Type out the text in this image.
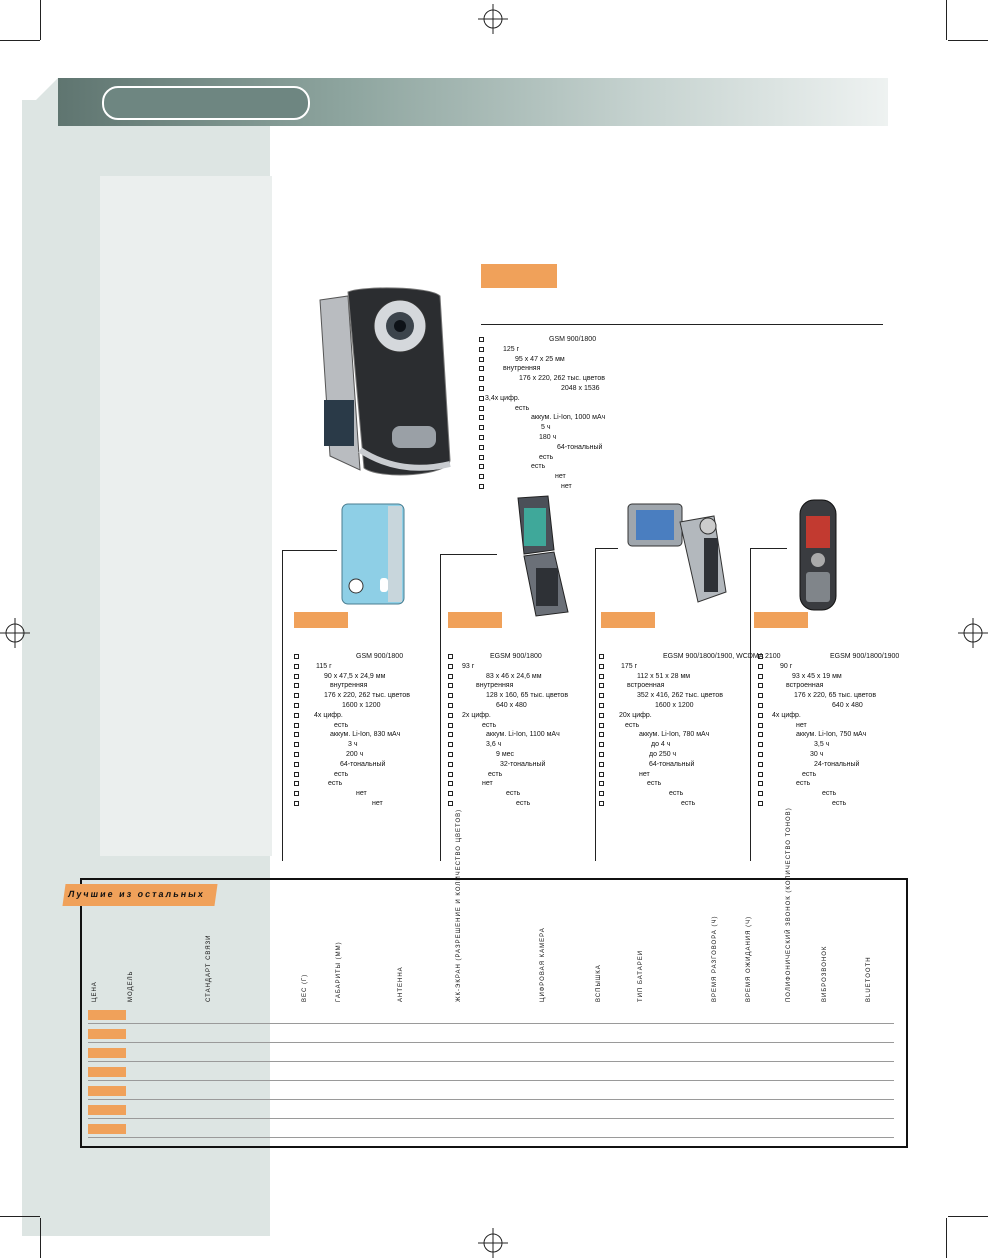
GSM 900/1800
125 г
95 x 47 x 25 мм
внутренняя
176 x 220, 262 тыс. цветов
2048 x 1536
3,4х цифр.
есть
аккум. Li-Ion, 1000 мАч
5 ч
180 ч
64-тональный
есть
есть
нет
нет
GSM 900/1800
115 г
90 x 47,5 x 24,9 мм
внутренняя
176 x 220, 262 тыс. цветов
1600 x 1200
4х цифр.
есть
аккум. Li-Ion, 830 мАч
3 ч
200 ч
64-тональный
есть
есть
нет
нет
EGSM 900/1800
93 г
83 x 46 x 24,6 мм
внутренняя
128 x 160, 65 тыс. цветов
640 x 480
2х цифр.
есть
аккум. Li-Ion, 1100 мАч
3,6 ч
9 мес
32-тональный
есть
нет
есть
есть
EGSM 900/1800/1900, WCDMA 2100
175 г
112 x 51 x 28 мм
встроенная
352 x 416, 262 тыс. цветов
1600 x 1200
20х цифр.
есть
аккум. Li-Ion, 780 мАч
до 4 ч
до 250 ч
64-тональный
нет
есть
есть
есть
EGSM 900/1800/1900
90 г
93 x 45 x 19 мм
встроенная
176 x 220, 65 тыс. цветов
640 x 480
4х цифр.
нет
аккум. Li-Ion, 750 мАч
3,5 ч
30 ч
24-тональный
есть
есть
есть
есть
Лучшие из остальных
ЦЕНА	МОДЕЛЬ	СТАНДАРТ СВЯЗИ	ВЕС (Г)	ГАБАРИТЫ (ММ)	АНТЕННА	ЖК-ЭКРАН (РАЗРЕШЕНИЕ И КОЛИЧЕСТВО ЦВЕТОВ)	ЦИФРОВАЯ КАМЕРА	ВСПЫШКА	ТИП БАТАРЕИ	ВРЕМЯ РАЗГОВОРА (Ч)	ВРЕМЯ ОЖИДАНИЯ (Ч)	ПОЛИФОНИЧЕСКИЙ ЗВОНОК (КОЛИЧЕСТВО ТОНОВ)	ВИБРОЗВОНОК	BLUETOOTH
